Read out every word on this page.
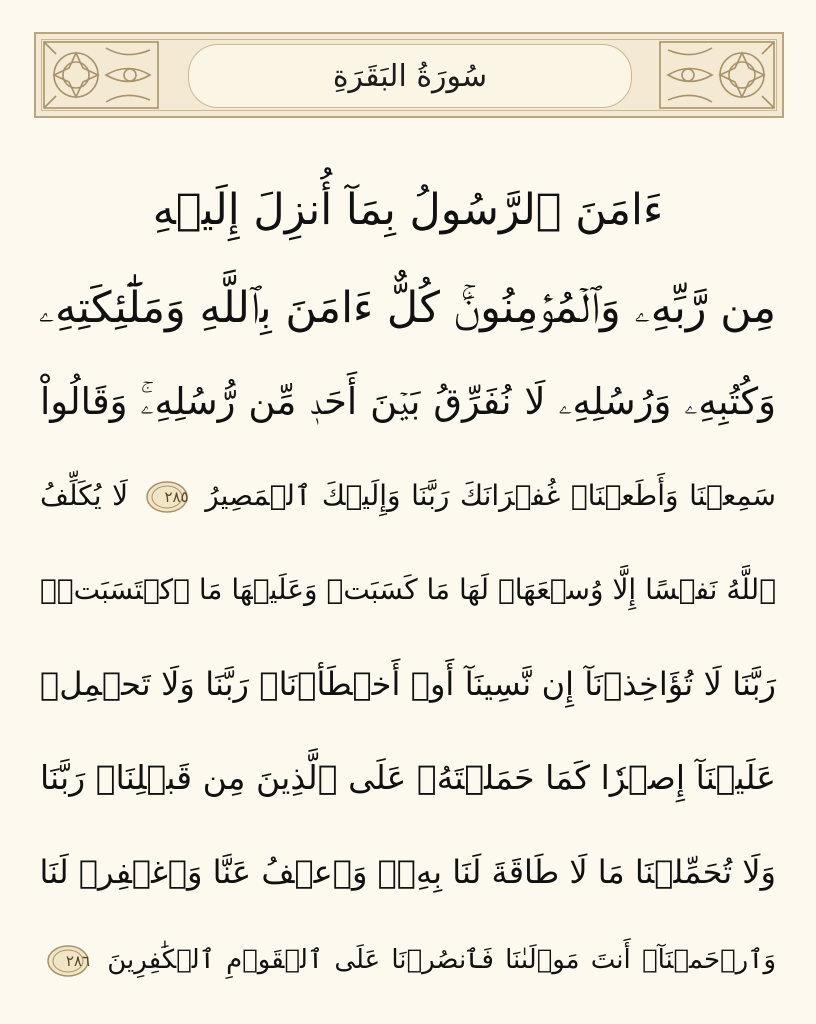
سُورَةُ البَقَرَةِ
ءَامَنَ ٱلرَّسُولُ بِمَآ أُنزِلَ إِلَيۡهِ
مِن رَّبِّهِۦ وَٱلۡمُؤۡمِنُونَۚ كُلٌّ ءَامَنَ بِٱللَّهِ وَمَلَٰٓئِكَتِهِۦ
وَكُتُبِهِۦ وَرُسُلِهِۦ لَا نُفَرِّقُ بَيۡنَ أَحَدٖ مِّن رُّسُلِهِۦۚ وَقَالُواْ
سَمِعۡنَا وَأَطَعۡنَاۖ غُفۡرَانَكَ رَبَّنَا وَإِلَيۡكَ ٱلۡمَصِيرُ
٢٨٥
لَا يُكَلِّفُ
ٱللَّهُ نَفۡسًا إِلَّا وُسۡعَهَاۚ لَهَا مَا كَسَبَتۡ وَعَلَيۡهَا مَا ٱكۡتَسَبَتۡۗ
رَبَّنَا لَا تُؤَاخِذۡنَآ إِن نَّسِينَآ أَوۡ أَخۡطَأۡنَاۚ رَبَّنَا وَلَا تَحۡمِلۡ
عَلَيۡنَآ إِصۡرٗا كَمَا حَمَلۡتَهُۥ عَلَى ٱلَّذِينَ مِن قَبۡلِنَاۚ رَبَّنَا
وَلَا تُحَمِّلۡنَا مَا لَا طَاقَةَ لَنَا بِهِۦۖ وَٱعۡفُ عَنَّا وَٱغۡفِرۡ لَنَا
وَٱرۡحَمۡنَآۚ أَنتَ مَوۡلَىٰنَا فَٱنصُرۡنَا عَلَى ٱلۡقَوۡمِ ٱلۡكَٰفِرِينَ
٢٨٦
